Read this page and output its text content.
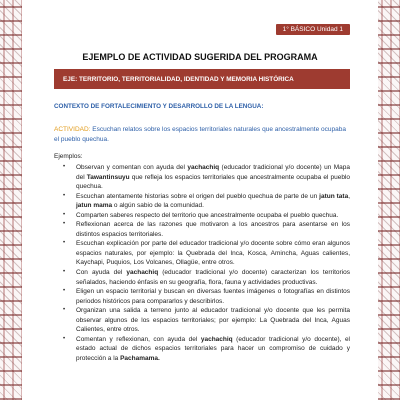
1° BÁSICO Unidad 1
EJEMPLO DE ACTIVIDAD SUGERIDA DEL PROGRAMA
EJE: TERRITORIO, TERRITORIALIDAD, IDENTIDAD Y MEMORIA HISTÓRICA

CONTEXTO DE FORTALECIMIENTO Y DESARROLLO DE LA LENGUA:

ACTIVIDAD: Escuchan relatos sobre los espacios territoriales naturales que ancestralmente ocupaba el pueblo quechua.

Ejemplos:

• Observan y comentan con ayuda del yachachiq (educador tradicional y/o docente) un Mapa del Tawantinsuyu que refleja los espacios territoriales que ancestralmente ocupaba el pueblo quechua.
• Escuchan atentamente historias sobre el origen del pueblo quechua de parte de un jatun tata, jatun mama o algún sabio de la comunidad.
• Comparten saberes respecto del territorio que ancestralmente ocupaba el pueblo quechua.
• Reflexionan acerca de las razones que motivaron a los ancestros para asentarse en los distintos espacios territoriales.
• Escuchan explicación por parte del educador tradicional y/o docente sobre cómo eran algunos espacios naturales, por ejemplo: la Quebrada del Inca, Kosca, Amincha, Aguas calientes, Kaychapi, Puquios, Los Volcanes, Ollagüe, entre otros.
• Con ayuda del yachachiq (educador tradicional y/o docente) caracterizan los territorios señalados, haciendo énfasis en su geografía, flora, fauna y actividades productivas.
• Eligen un espacio territorial y buscan en diversas fuentes imágenes o fotografías en distintos periodos históricos para compararlos y describirlos.
• Organizan una salida a terreno junto al educador tradicional y/o docente que les permita observar algunos de los espacios territoriales; por ejemplo: La Quebrada del Inca, Aguas Calientes, entre otros.
• Comentan y reflexionan, con ayuda del yachachiq (educador tradicional y/o docente), el estado actual de dichos espacios territoriales para hacer un compromiso de cuidado y protección a la Pachamama.
